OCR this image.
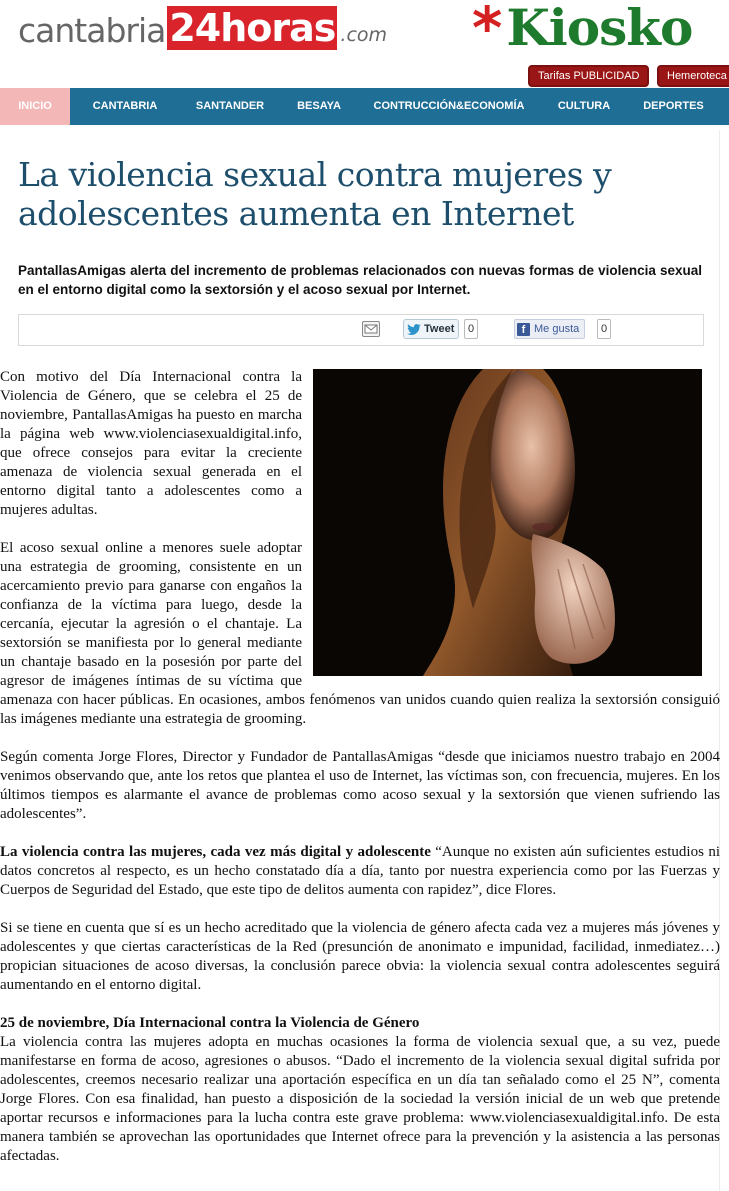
cantabria 24horas .com * Kiosko
Tarifas PUBLICIDAD	Hemeroteca
INICIO	CANTABRIA	SANTANDER	BESAYA	CONTRUCCIÓN&ECONOMÍA	CULTURA	DEPORTES
La violencia sexual contra mujeres y adolescentes aumenta en Internet

PantallasAmigas alerta del incremento de problemas relacionados con nuevas formas de violencia sexual en el entorno digital como la sextorsión y el acoso sexual por Internet.

Tweet	0	f Me gusta	0

Con motivo del Día Internacional contra la Violencia de Género, que se celebra el 25 de noviembre, PantallasAmigas ha puesto en marcha la página web www.violenciasexualdigital.info, que ofrece consejos para evitar la creciente amenaza de violencia sexual generada en el entorno digital tanto a adolescentes como a mujeres adultas.

El acoso sexual online a menores suele adoptar una estrategia de grooming, consistente en un acercamiento previo para ganarse con engaños la confianza de la víctima para luego, desde la cercanía, ejecutar la agresión o el chantaje. La sextorsión se manifiesta por lo general mediante un chantaje basado en la posesión por parte del agresor de imágenes íntimas de su víctima que amenaza con hacer públicas. En ocasiones, ambos fenómenos van unidos cuando quien realiza la sextorsión consiguió las imágenes mediante una estrategia de grooming.

Según comenta Jorge Flores, Director y Fundador de PantallasAmigas “desde que iniciamos nuestro trabajo en 2004 venimos observando que, ante los retos que plantea el uso de Internet, las víctimas son, con frecuencia, mujeres. En los últimos tiempos es alarmante el avance de problemas como acoso sexual y la sextorsión que vienen sufriendo las adolescentes”.

La violencia contra las mujeres, cada vez más digital y adolescente “Aunque no existen aún suficientes estudios ni datos concretos al respecto, es un hecho constatado día a día, tanto por nuestra experiencia como por las Fuerzas y Cuerpos de Seguridad del Estado, que este tipo de delitos aumenta con rapidez”, dice Flores.

Si se tiene en cuenta que sí es un hecho acreditado que la violencia de género afecta cada vez a mujeres más jóvenes y adolescentes y que ciertas características de la Red (presunción de anonimato e impunidad, facilidad, inmediatez…) propician situaciones de acoso diversas, la conclusión parece obvia: la violencia sexual contra adolescentes seguirá aumentando en el entorno digital.

25 de noviembre, Día Internacional contra la Violencia de Género

La violencia contra las mujeres adopta en muchas ocasiones la forma de violencia sexual que, a su vez, puede manifestarse en forma de acoso, agresiones o abusos. “Dado el incremento de la violencia sexual digital sufrida por adolescentes, creemos necesario realizar una aportación específica en un día tan señalado como el 25 N”, comenta Jorge Flores. Con esa finalidad, han puesto a disposición de la sociedad la versión inicial de un web que pretende aportar recursos e informaciones para la lucha contra este grave problema: www.violenciasexualdigital.info. De esta manera también se aprovechan las oportunidades que Internet ofrece para la prevención y la asistencia a las personas afectadas.
